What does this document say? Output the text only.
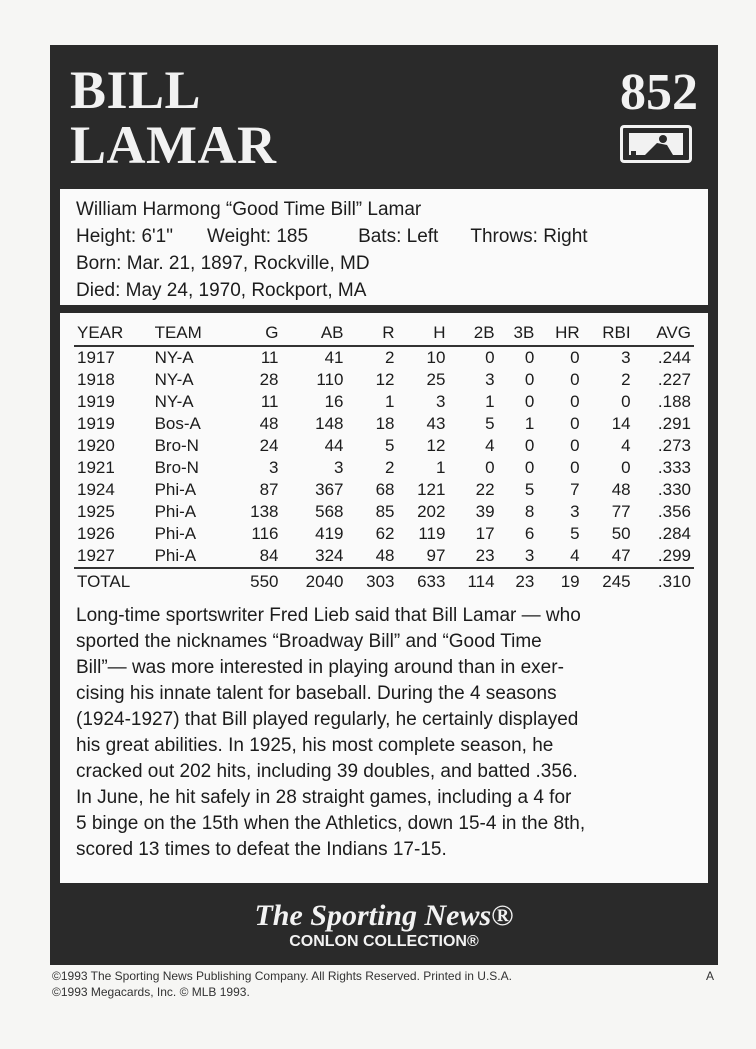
BILL
LAMAR
852
William Harmong “Good Time Bill” Lamar
Height: 6'1" Weight: 185	Bats: Left Throws: Right
Born: Mar. 21, 1897, Rockville, MD
Died: May 24, 1970, Rockport, MA
YEAR	TEAM	G	AB	R	H	2B	3B	HR	RBI	AVG
1917	NY-A	11	41	2	10	0	0	0	3	.244
1918	NY-A	28	110	12	25	3	0	0	2	.227
1919	NY-A	11	16	1	3	1	0	0	0	.188
1919	Bos-A	48	148	18	43	5	1	0	14	.291
1920	Bro-N	24	44	5	12	4	0	0	4	.273
1921	Bro-N	3	3	2	1	0	0	0	0	.333
1924	Phi-A	87	367	68	121	22	5	7	48	.330
1925	Phi-A	138	568	85	202	39	8	3	77	.356
1926	Phi-A	116	419	62	119	17	6	5	50	.284
1927	Phi-A	84	324	48	97	23	3	4	47	.299
TOTAL		550	2040	303	633	114	23	19	245	.310
Long-time sportswriter Fred Lieb said that Bill Lamar — who
sported the nicknames “Broadway Bill” and “Good Time
Bill”— was more interested in playing around than in exer-
cising his innate talent for baseball. During the 4 seasons
(1924-1927) that Bill played regularly, he certainly displayed
his great abilities. In 1925, his most complete season, he
cracked out 202 hits, including 39 doubles, and batted .356.
In June, he hit safely in 28 straight games, including a 4 for
5 binge on the 15th when the Athletics, down 15-4 in the 8th,
scored 13 times to defeat the Indians 17-15.
The Sporting News®
CONLON COLLECTION®
©1993 The Sporting News Publishing Company. All Rights Reserved. Printed in U.S.A.
©1993 Megacards, Inc. © MLB 1993.
A
